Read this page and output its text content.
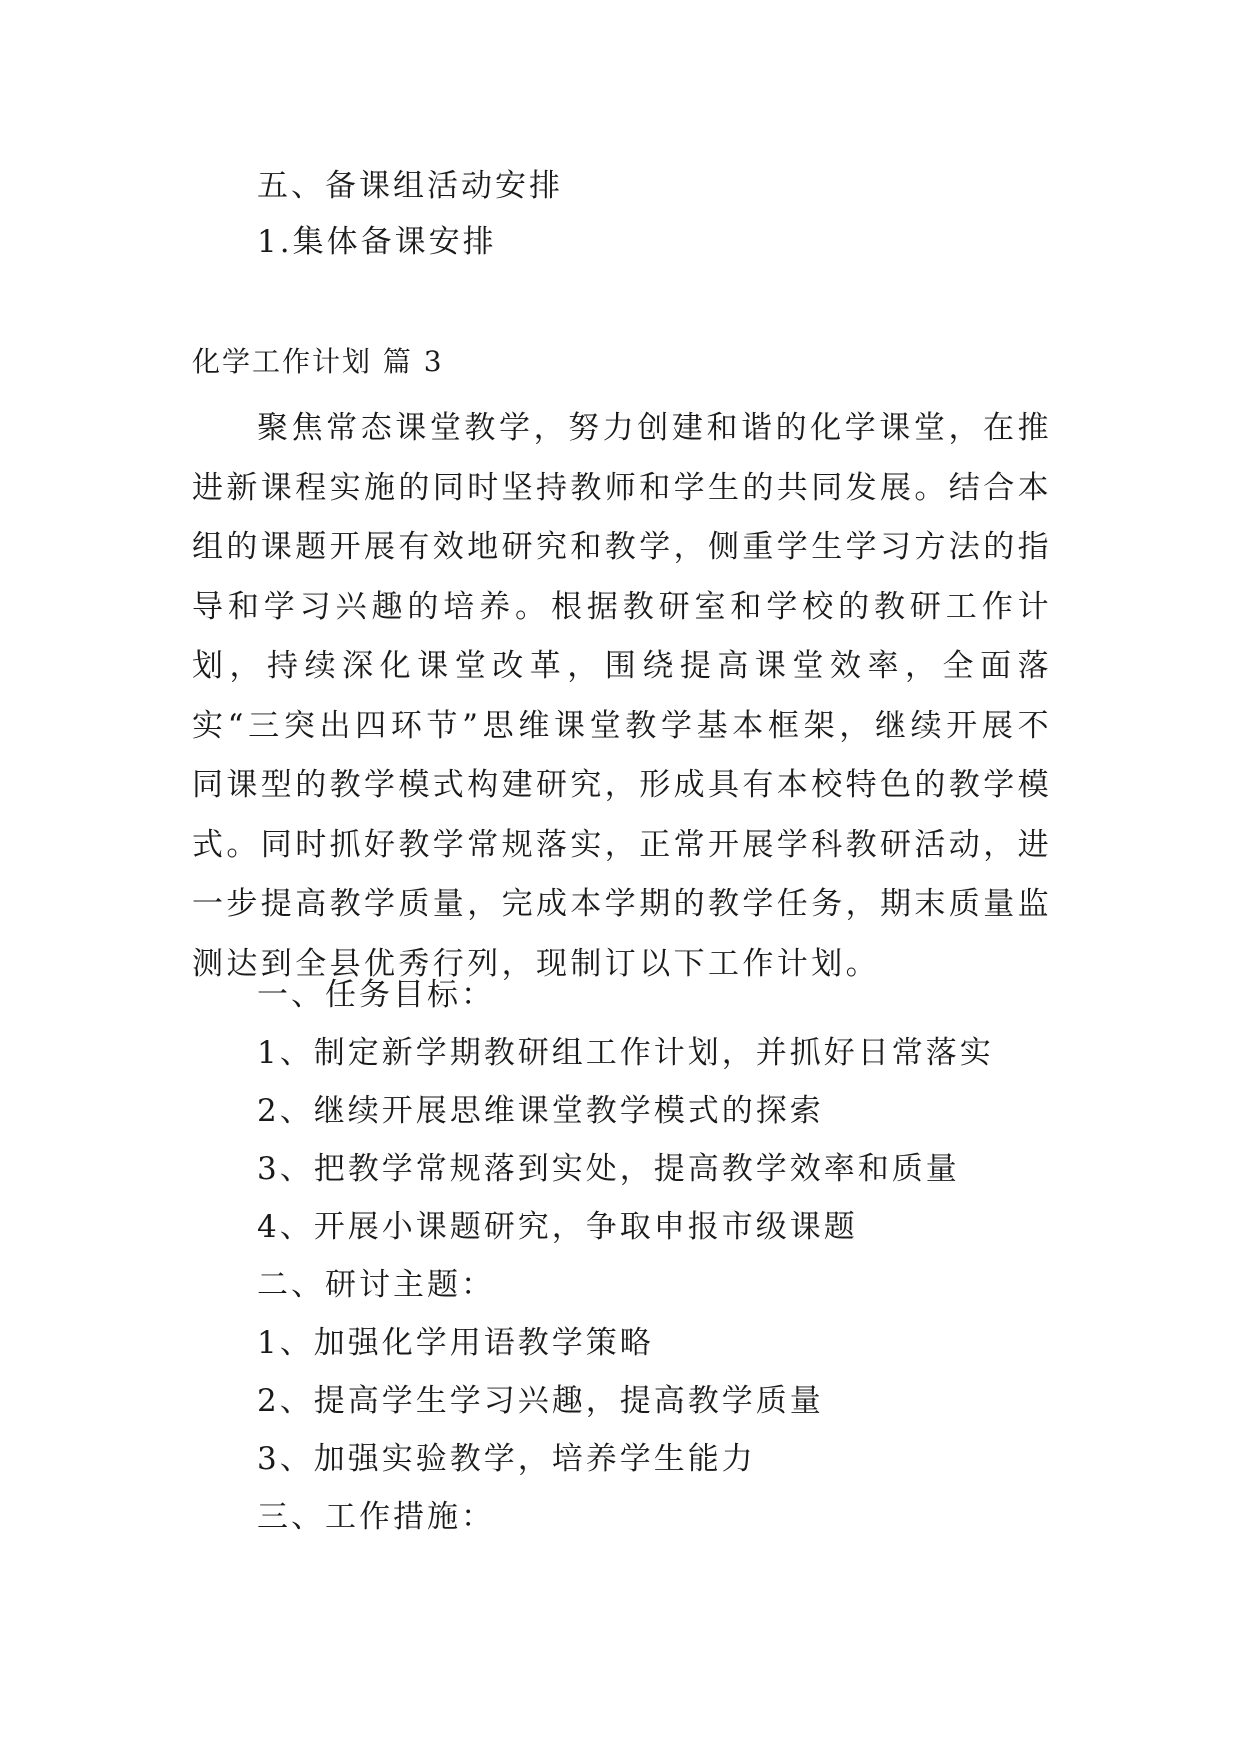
五、备课组活动安排
1.集体备课安排
化学工作计划 篇 3
聚焦常态课堂教学，努力创建和谐的化学课堂，在推进新课程实施的同时坚持教师和学生的共同发展。结合本组的课题开展有效地研究和教学，侧重学生学习方法的指导和学习兴趣的培养。根据教研室和学校的教研工作计划，持续深化课堂改革，围绕提高课堂效率，全面落实“三突出四环节”思维课堂教学基本框架，继续开展不同课型的教学模式构建研究，形成具有本校特色的教学模式。同时抓好教学常规落实，正常开展学科教研活动，进一步提高教学质量，完成本学期的教学任务，期末质量监测达到全县优秀行列，现制订以下工作计划。
一、任务目标：
1、制定新学期教研组工作计划，并抓好日常落实
2、继续开展思维课堂教学模式的探索
3、把教学常规落到实处，提高教学效率和质量
4、开展小课题研究，争取申报市级课题
二、研讨主题：
1、加强化学用语教学策略
2、提高学生学习兴趣，提高教学质量
3、加强实验教学，培养学生能力
三、工作措施：
